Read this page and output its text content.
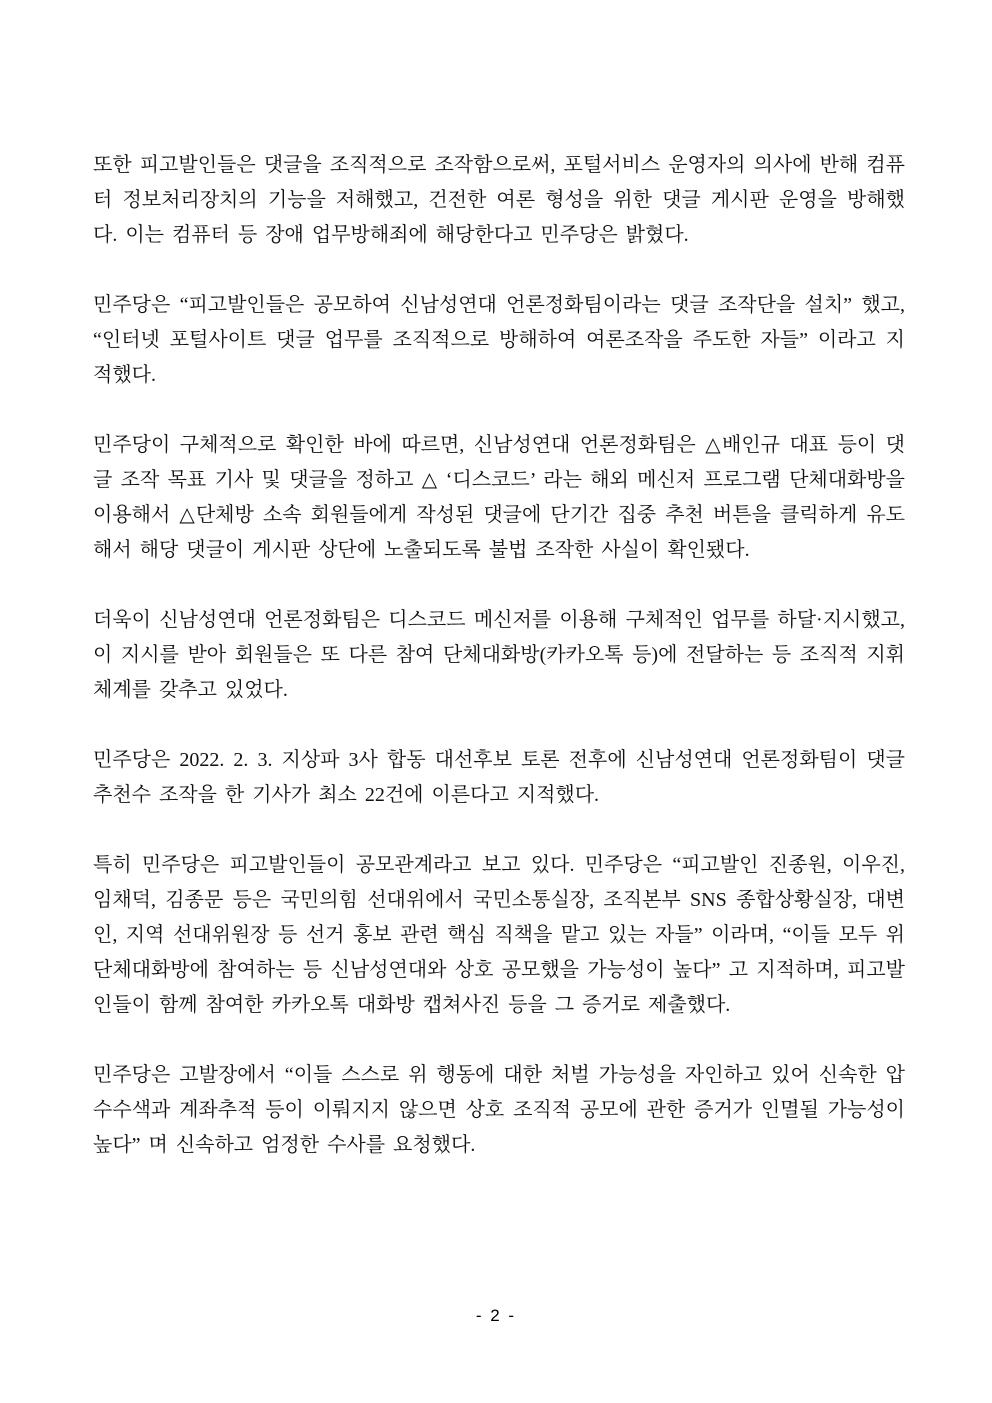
또한 피고발인들은 댓글을 조직적으로 조작함으로써, 포털서비스 운영자의 의사에 반해 컴퓨터 정보처리장치의 기능을 저해했고, 건전한 여론 형성을 위한 댓글 게시판 운영을 방해했다. 이는 컴퓨터 등 장애 업무방해죄에 해당한다고 민주당은 밝혔다.

민주당은 “피고발인들은 공모하여 신남성연대 언론정화팀이라는 댓글 조작단을 설치” 했고, “인터넷 포털사이트 댓글 업무를 조직적으로 방해하여 여론조작을 주도한 자들” 이라고 지적했다.

민주당이 구체적으로 확인한 바에 따르면, 신남성연대 언론정화팀은 △배인규 대표 등이 댓글 조작 목표 기사 및 댓글을 정하고 △ ‘디스코드’ 라는 해외 메신저 프로그램 단체대화방을 이용해서 △단체방 소속 회원들에게 작성된 댓글에 단기간 집중 추천 버튼을 클릭하게 유도해서 해당 댓글이 게시판 상단에 노출되도록 불법 조작한 사실이 확인됐다.

더욱이 신남성연대 언론정화팀은 디스코드 메신저를 이용해 구체적인 업무를 하달·지시했고, 이 지시를 받아 회원들은 또 다른 참여 단체대화방(카카오톡 등)에 전달하는 등 조직적 지휘 체계를 갖추고 있었다.

민주당은 2022. 2. 3. 지상파 3사 합동 대선후보 토론 전후에 신남성연대 언론정화팀이 댓글 추천수 조작을 한 기사가 최소 22건에 이른다고 지적했다.

특히 민주당은 피고발인들이 공모관계라고 보고 있다. 민주당은 “피고발인 진종원, 이우진, 임채덕, 김종문 등은 국민의힘 선대위에서 국민소통실장, 조직본부 SNS 종합상황실장, 대변인, 지역 선대위원장 등 선거 홍보 관련 핵심 직책을 맡고 있는 자들” 이라며, “이들 모두 위 단체대화방에 참여하는 등 신남성연대와 상호 공모했을 가능성이 높다” 고 지적하며, 피고발인들이 함께 참여한 카카오톡 대화방 캡쳐사진 등을 그 증거로 제출했다.

민주당은 고발장에서 “이들 스스로 위 행동에 대한 처벌 가능성을 자인하고 있어 신속한 압수수색과 계좌추적 등이 이뤄지지 않으면 상호 조직적 공모에 관한 증거가 인멸될 가능성이 높다” 며 신속하고 엄정한 수사를 요청했다.

- 2 -
